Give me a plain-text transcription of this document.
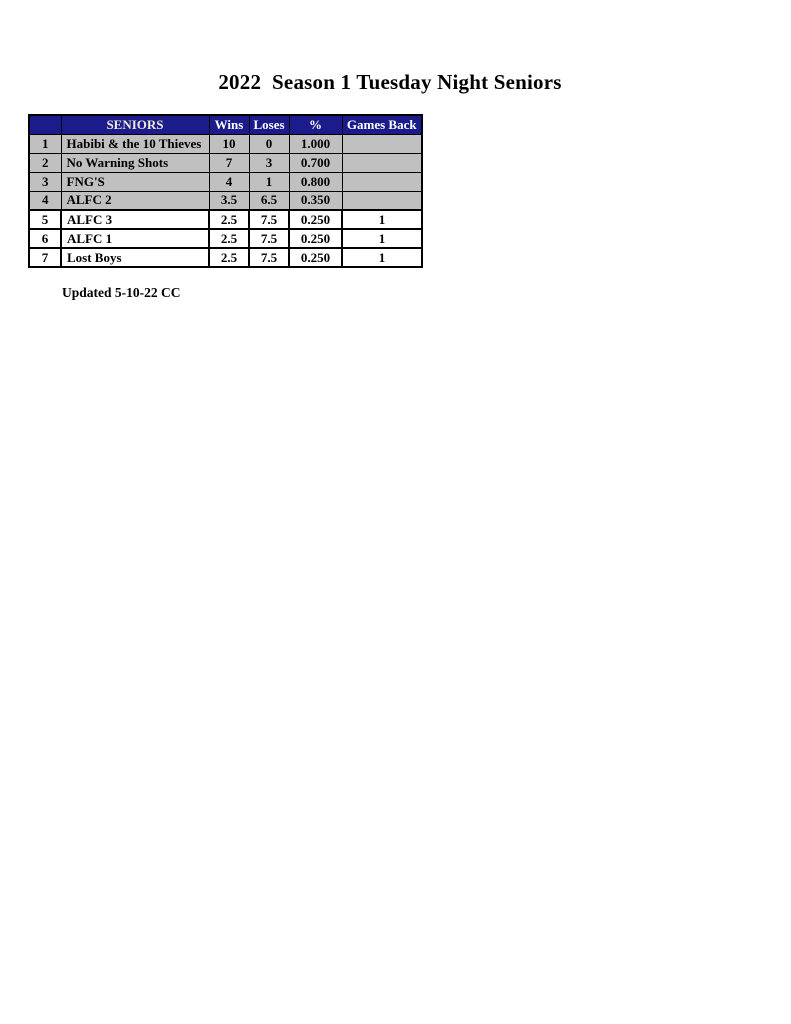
2022  Season 1 Tuesday Night Seniors
	SENIORS	Wins	Loses	%	Games Back
1	Habibi & the 10 Thieves	10	0	1.000	
2	No Warning Shots	7	3	0.700	
3	FNG'S	4	1	0.800	
4	ALFC 2	3.5	6.5	0.350	
5	ALFC 3	2.5	7.5	0.250	1
6	ALFC 1	2.5	7.5	0.250	1
7	Lost Boys	2.5	7.5	0.250	1
Updated 5-10-22 CC
